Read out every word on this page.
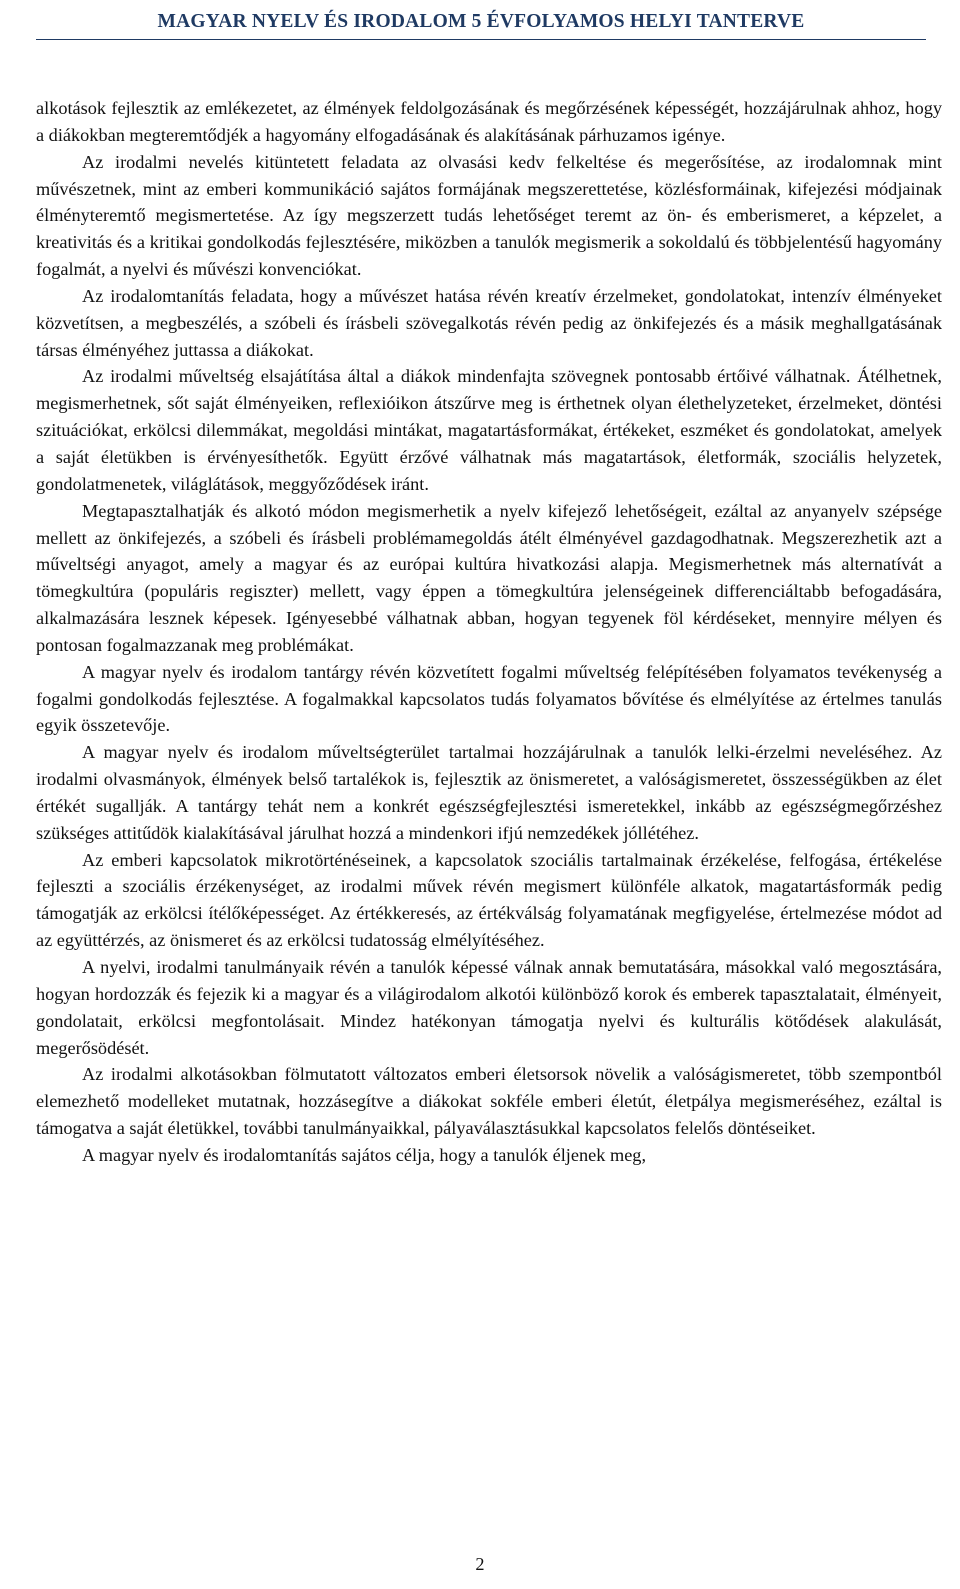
MAGYAR NYELV ÉS IRODALOM 5 ÉVFOLYAMOS HELYI TANTERVE

alkotások fejlesztik az emlékezetet, az élmények feldolgozásának és megőrzésének képességét, hozzájárulnak ahhoz, hogy a diákokban megteremtődjék a hagyomány elfogadásának és alakításának párhuzamos igénye.

Az irodalmi nevelés kitüntetett feladata az olvasási kedv felkeltése és megerősítése, az irodalomnak mint művészetnek, mint az emberi kommunikáció sajátos formájának megszerettetése, közlésformáinak, kifejezési módjainak élményteremtő megismertetése. Az így megszerzett tudás lehetőséget teremt az ön- és emberismeret, a képzelet, a kreativitás és a kritikai gondolkodás fejlesztésére, miközben a tanulók megismerik a sokoldalú és többjelentésű hagyomány fogalmát, a nyelvi és művészi konvenciókat.

Az irodalomtanítás feladata, hogy a művészet hatása révén kreatív érzelmeket, gondolatokat, intenzív élményeket közvetítsen, a megbeszélés, a szóbeli és írásbeli szövegalkotás révén pedig az önkifejezés és a másik meghallgatásának társas élményéhez juttassa a diákokat.

Az irodalmi műveltség elsajátítása által a diákok mindenfajta szövegnek pontosabb értőivé válhatnak. Átélhetnek, megismerhetnek, sőt saját élményeiken, reflexióikon átszűrve meg is érthetnek olyan élethelyzeteket, érzelmeket, döntési szituációkat, erkölcsi dilemmákat, megoldási mintákat, magatartásformákat, értékeket, eszméket és gondolatokat, amelyek a saját életükben is érvényesíthetők. Együtt érzővé válhatnak más magatartások, életformák, szociális helyzetek, gondolatmenetek, világlátások, meggyőződések iránt.

Megtapasztalhatják és alkotó módon megismerhetik a nyelv kifejező lehetőségeit, ezáltal az anyanyelv szépsége mellett az önkifejezés, a szóbeli és írásbeli problémamegoldás átélt élményével gazdagodhatnak. Megszerezhetik azt a műveltségi anyagot, amely a magyar és az európai kultúra hivatkozási alapja. Megismerhetnek más alternatívát a tömegkultúra (populáris regiszter) mellett, vagy éppen a tömegkultúra jelenségeinek differenciáltabb befogadására, alkalmazására lesznek képesek. Igényesebbé válhatnak abban, hogyan tegyenek föl kérdéseket, mennyire mélyen és pontosan fogalmazzanak meg problémákat.

A magyar nyelv és irodalom tantárgy révén közvetített fogalmi műveltség felépítésében folyamatos tevékenység a fogalmi gondolkodás fejlesztése. A fogalmakkal kapcsolatos tudás folyamatos bővítése és elmélyítése az értelmes tanulás egyik összetevője.

A magyar nyelv és irodalom műveltségterület tartalmai hozzájárulnak a tanulók lelki-érzelmi neveléséhez. Az irodalmi olvasmányok, élmények belső tartalékok is, fejlesztik az önismeretet, a valóságismeretet, összességükben az élet értékét sugallják. A tantárgy tehát nem a konkrét egészségfejlesztési ismeretekkel, inkább az egészségmegőrzéshez szükséges attitűdök kialakításával járulhat hozzá a mindenkori ifjú nemzedékek jóllétéhez.

Az emberi kapcsolatok mikrotörténéseinek, a kapcsolatok szociális tartalmainak érzékelése, felfogása, értékelése fejleszti a szociális érzékenységet, az irodalmi művek révén megismert különféle alkatok, magatartásformák pedig támogatják az erkölcsi ítélőképességet. Az értékkeresés, az értékválság folyamatának megfigyelése, értelmezése módot ad az együttérzés, az önismeret és az erkölcsi tudatosság elmélyítéséhez.

A nyelvi, irodalmi tanulmányaik révén a tanulók képessé válnak annak bemutatására, másokkal való megosztására, hogyan hordozzák és fejezik ki a magyar és a világirodalom alkotói különböző korok és emberek tapasztalatait, élményeit, gondolatait, erkölcsi megfontolásait. Mindez hatékonyan támogatja nyelvi és kulturális kötődések alakulását, megerősödését.

Az irodalmi alkotásokban fölmutatott változatos emberi életsorsok növelik a valóságismeretet, több szempontból elemezhető modelleket mutatnak, hozzásegítve a diákokat sokféle emberi életút, életpálya megismeréséhez, ezáltal is támogatva a saját életükkel, további tanulmányaikkal, pályaválasztásukkal kapcsolatos felelős döntéseiket.

A magyar nyelv és irodalomtanítás sajátos célja, hogy a tanulók éljenek meg,

2
